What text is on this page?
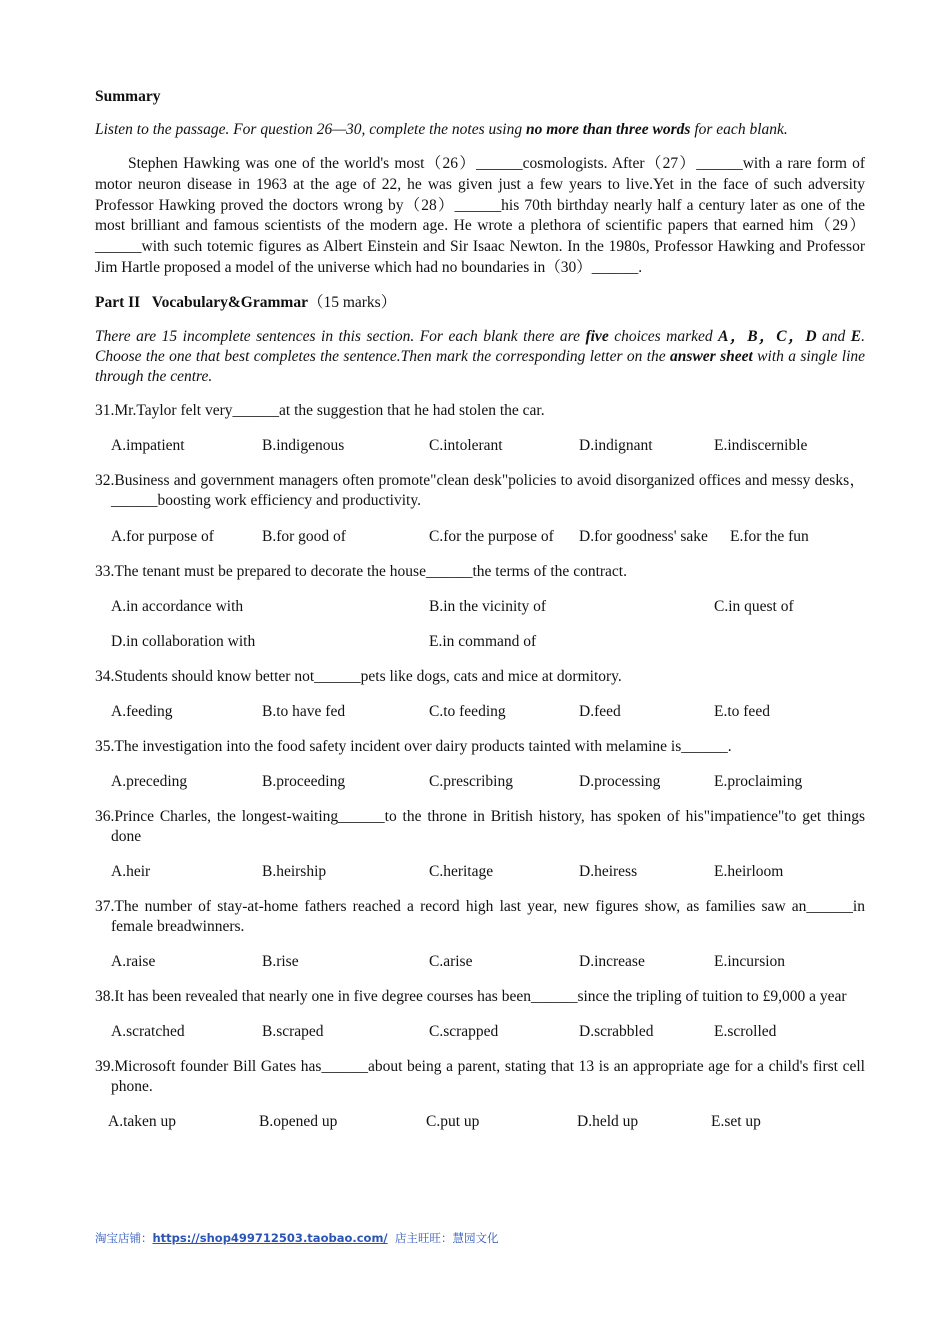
Summary
Listen to the passage. For question 26—30, complete the notes using no more than three words for each blank.
Stephen Hawking was one of the world's most（26）______cosmologists. After（27）______with a rare form of motor neuron disease in 1963 at the age of 22, he was given just a few years to live.Yet in the face of such adversity Professor Hawking proved the doctors wrong by（28）______his 70th birthday nearly half a century later as one of the most brilliant and famous scientists of the modern age. He wrote a plethora of scientific papers that earned him（29）______with such totemic figures as Albert Einstein and Sir Isaac Newton. In the 1980s, Professor Hawking and Professor Jim Hartle proposed a model of the universe which had no boundaries in（30）______.
Part II   Vocabulary&Grammar（15 marks）
There are 15 incomplete sentences in this section. For each blank there are five choices marked A，B，C，D and E. Choose the one that best completes the sentence.Then mark the corresponding letter on the answer sheet with a single line through the centre.
31.Mr.Taylor felt very______at the suggestion that he had stolen the car.
A.impatient	B.indigenous	C.intolerant	D.indignant	E.indiscernible
32.Business and government managers often promote"clean desk"policies to avoid disorganized offices and messy desks，______boosting work efficiency and productivity.
A.for purpose of	B.for good of	C.for the purpose of D.for goodness' sake E.for the fun
33.The tenant must be prepared to decorate the house______the terms of the contract.
A.in accordance with	B.in the vicinity of	C.in quest of
D.in collaboration with	E.in command of
34.Students should know better not______pets like dogs, cats and mice at dormitory.
A.feeding	B.to have fed	C.to feeding	D.feed	E.to feed
35.The investigation into the food safety incident over dairy products tainted with melamine is______.
A.preceding	B.proceeding	C.prescribing	D.processing	E.proclaiming
36.Prince Charles, the longest-waiting______to the throne in British history, has spoken of his"impatience"to get things done
A.heir	B.heirship	C.heritage	D.heiress	E.heirloom
37.The number of stay-at-home fathers reached a record high last year, new figures show, as families saw an______in female breadwinners.
A.raise	B.rise	C.arise	D.increase	E.incursion
38.It has been revealed that nearly one in five degree courses has been______since the tripling of tuition to £9,000 a year
A.scratched	B.scraped	C.scrapped	D.scrabbled	E.scrolled
39.Microsoft founder Bill Gates has______about being a parent, stating that 13 is an appropriate age for a child's first cell phone.
A.taken up	B.opened up	C.put up	D.held up	E.set up
淘宝店铺：https://shop499712503.taobao.com/  店主旺旺：慧园文化
